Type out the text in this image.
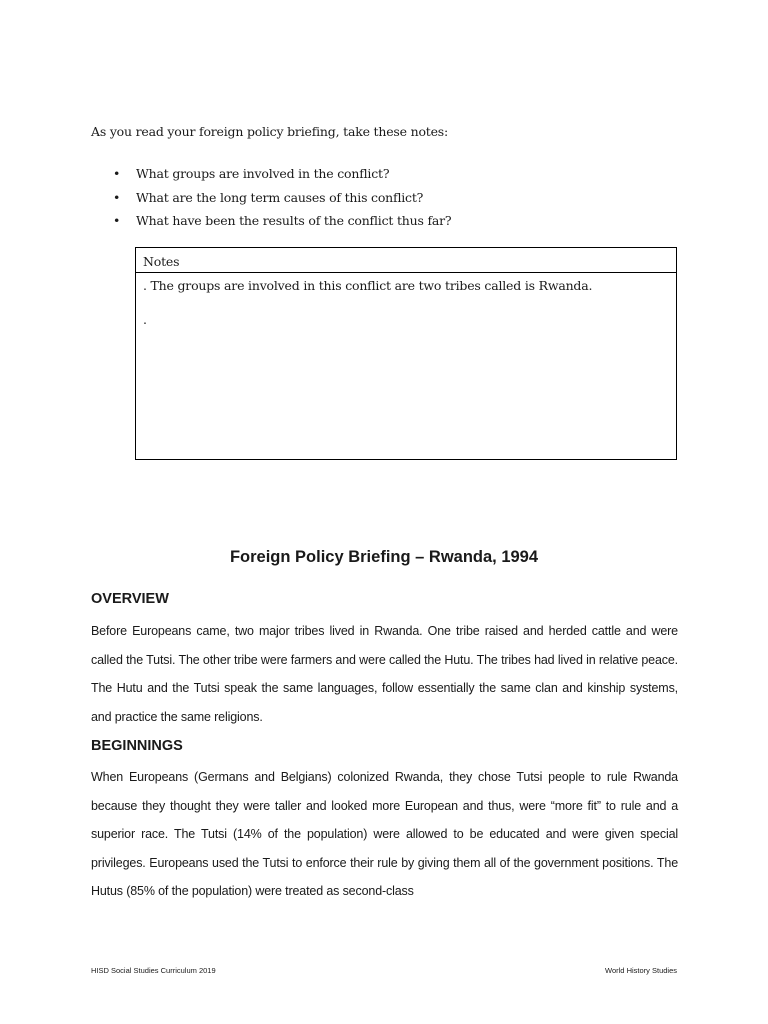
As you read your foreign policy briefing, take these notes:

• What groups are involved in the conflict?
• What are the long term causes of this conflict?
• What have been the results of the conflict thus far?
Notes
. The groups are involved in this conflict are two tribes called is Rwanda.
.
Foreign Policy Briefing – Rwanda, 1994
OVERVIEW

Before Europeans came, two major tribes lived in Rwanda. One tribe raised and herded cattle and were called the Tutsi. The other tribe were farmers and were called the Hutu. The tribes had lived in relative peace. The Hutu and the Tutsi speak the same languages, follow essentially the same clan and kinship systems, and practice the same religions.

BEGINNINGS

When Europeans (Germans and Belgians) colonized Rwanda, they chose Tutsi people to rule Rwanda because they thought they were taller and looked more European and thus, were “more fit” to rule and a superior race. The Tutsi (14% of the population) were allowed to be educated and were given special privileges. Europeans used the Tutsi to enforce their rule by giving them all of the government positions. The Hutus (85% of the population) were treated as second-class

HISD Social Studies Curriculum 2019	World History Studies
